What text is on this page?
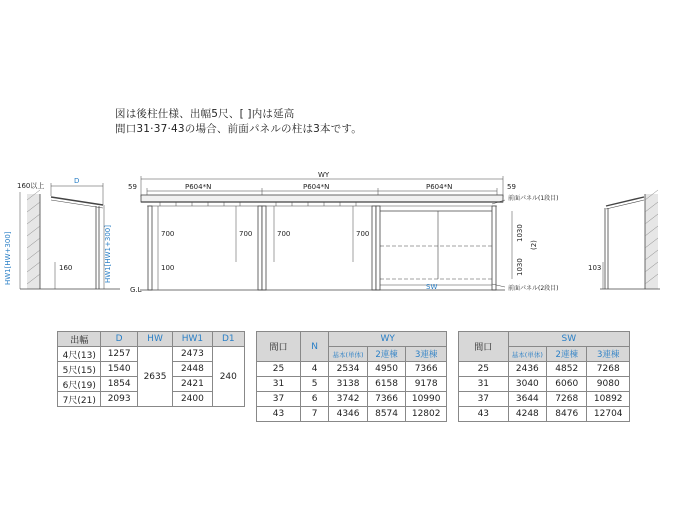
図は後柱仕様、出幅5尺、[ ]内は延高
間口31·37·43の場合、前面パネルの柱は3本です。
160以上
D
HW1[HW+300]	HW1[HW1+300]
160
G.L
WY
59	59
P604*N	P604*N	P604*N
700	700	700	700
100
SW
前面パネル(1段目)
前面パネル(2段目)
1030
1030
(2)
103
出幅	D	HW	HW1	D1
4尺(13)	1257	2635	2473	240
5尺(15)	1540		2448	
6尺(19)	1854		2421	
7尺(21)	2093		2400	
間口	N	WY		
		基本(単体)	2連棟	3連棟
25	4	2534	4950	7366
31	5	3138	6158	9178
37	6	3742	7366	10990
43	7	4346	8574	12802
間口	SW		
	基本(単体)	2連棟	3連棟
25	2436	4852	7268
31	3040	6060	9080
37	3644	7268	10892
43	4248	8476	12704
